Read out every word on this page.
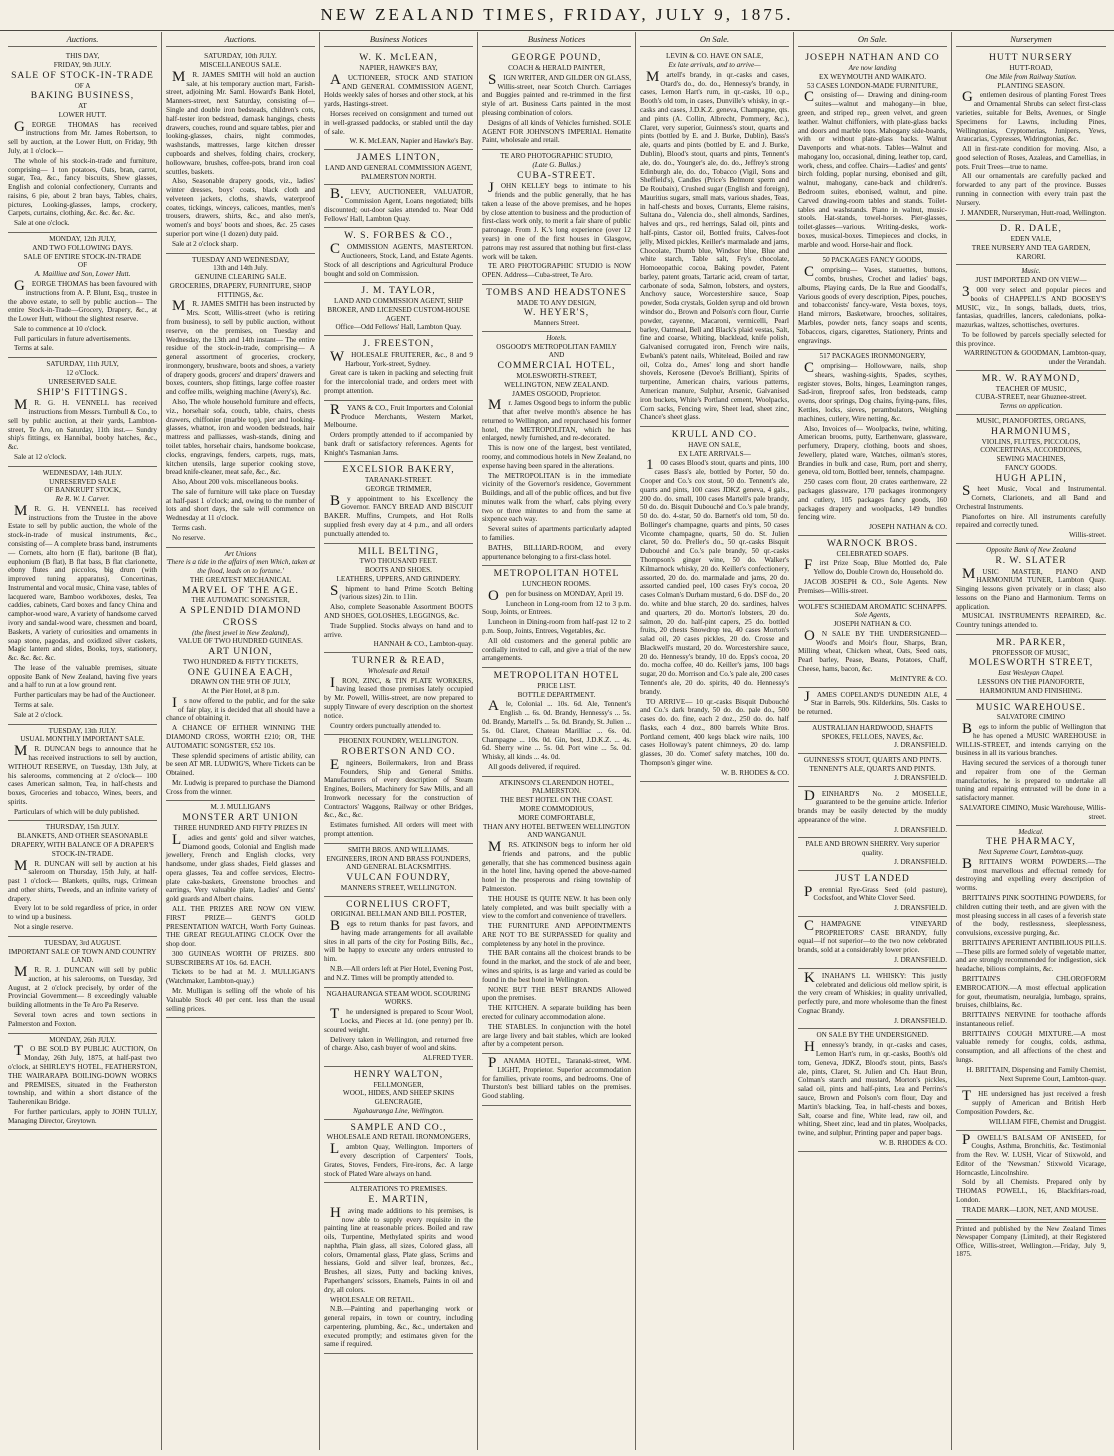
NEW ZEALAND TIMES, FRIDAY, JULY 9, 1875.
Auctions.
THIS DAY,
FRIDAY, 9th JULY.
SALE OF STOCK-IN-TRADE
OF A
BAKING BUSINESS,
AT
LOWER HUTT.
GEORGE THOMAS has received instructions from Mr. James Robertson, to sell by auction, at the Lower Hutt, on Friday, 9th July, at 1 o'clock—
The whole of his stock-in-trade and furniture, comprising— 1 ton potatoes, Oats, bran, carrot, sugar, Tea, &c., fancy biscuits, Shew glasses, English and colonial confectionery, Currants and raisins, 6 pie, about 2 bran bays, Tables, chairs, pictures, Looking-glasses, lamps, crockery, Carpets, curtains, clothing, &c. &c. &c. &c.
Sale at one o'clock.
MONDAY, 12th JULY,
AND TWO FOLLOWING DAYS.
SALE OF ENTIRE STOCK-IN-TRADE
OF
A. Mailliue and Son, Lower Hutt.
GEORGE THOMAS has been favoured with instructions from A. P. Blunt, Esq., trustee in the above estate, to sell by public auction— The entire Stock-in-Trade—Grocery, Drapery, &c., at the Lower Hutt, without the slightest reserve.
Sale to commence at 10 o'clock.
Full particulars in future advertisements.
Terms at sale.
SATURDAY, 11th JULY,
12 o'Clock.
UNRESERVED SALE.
SHIP'S FITTINGS.
MR. G. H. VENNELL has received instructions from Messrs. Turnbull & Co., to sell by public auction, at their yards, Lambton-street, Te Aro, on Saturday, 11th inst.— Sundry ship's fittings, ex Hannibal, booby hatches, &c., &c.
Sale at 12 o'clock.
WEDNESDAY, 14th JULY.
UNRESERVED SALE
OF BANKRUPT STOCK,
Re R. W. I. Carver.
MR. G. H. VENNELL has received instructions from the Trustee in the above Estate to sell by public auction, the whole of the stock-in-trade of musical instruments, &c., consisting of— A complete brass band, instruments— Cornets, alto horn (E flat), baritone (B flat), euphonium (B flat), B flat bass, B flat clarionette, ebony flutes and piccolos, big drum (with improved tuning apparatus), Concertinas, Instrumental and vocal music, China vase, tables of lacquered ware, Bamboo workboxes, desks, Tea caddies, cabinets, Card boxes and fancy China and camphor-wood ware, A variety of handsome carved ivory and sandal-wood ware, chessmen and board, Baskets, A variety of curiosities and ornaments in soap stone, pagodas, and oxidized silver caskets, Magic lantern and slides, Books, toys, stationery, &c. &c. &c. &c.
The lease of the valuable premises, situate opposite Bank of New Zealand, having five years and a half to run at a low ground rent.
Further particulars may be had of the Auctioneer.
Terms at sale.
Sale at 2 o'clock.
TUESDAY, 13th JULY.
USUAL MONTHLY IMPORTANT SALE.
MR. DUNCAN begs to announce that he has received instructions to sell by auction, WITHOUT RESERVE, on Tuesday, 13th July, at his salerooms, commencing at 2 o'clock— 100 cases American salmon, Tea, in half-chests and boxes, Groceries and tobacco, Wines, beers, and spirits.
Particulars of which will be duly published.
THURSDAY, 15th JULY.
BLANKETS, AND OTHER SEASONABLE DRAPERY, WITH BALANCE OF A DRAPER'S STOCK-IN-TRADE.
MR. DUNCAN will sell by auction at his saleroom on Thursday, 15th July, at half-past 1 o'clock— Blankets, quilts, rugs, Crimean and other shirts, Tweeds, and an infinite variety of drapery.
Every lot to be sold regardless of price, in order to wind up a business.
Not a single reserve.
TUESDAY, 3rd AUGUST.
IMPORTANT SALE OF TOWN AND COUNTRY LAND.
MR. R. J. DUNCAN will sell by public auction, at his salerooms, on Tuesday, 3rd August, at 2 o'clock precisely, by order of the Provincial Government— 8 exceedingly valuable building allotments in the Te Aro Pa Reserve.
Several town acres and town sections in Palmerston and Foxton.
MONDAY, 26th JULY.
TO BE SOLD BY PUBLIC AUCTION, On Monday, 26th July, 1875, at half-past two o'clock, at SHIRLEY'S HOTEL, FEATHERSTON, THE WAIRARAPA BOILING-DOWN WORKS and PREMISES, situated in the Featherston township, and within a short distance of the Tauherenikau Bridge.
For further particulars, apply to JOHN TULLY, Managing Director, Greytown.
Auctions.
SATURDAY, 10th JULY.
MISCELLANEOUS SALE.
MR. JAMES SMITH will hold an auction sale, at his temporary auction mart, Farish-street, adjoining Mr. Saml. Howard's Bank Hotel, Manners-street, next Saturday, consisting of— Single and double iron bedsteads, children's cots, half-tester iron bedstead, damask hangings, chests drawers, couches, round and square tables, pier and looking-glasses, chairs, night commodes, washstands, mattresses, large kitchen dresser cupboards and shelves, folding chairs, crockery, hollowware, brushes, coffee-pots, brand iron coal scuttles, baskets.
Also, Seasonable drapery goods, viz., ladies' winter dresses, boys' coats, black cloth and velveteen jackets, cloths, shawls, waterproof coates, tickings, winceys, calicoes, mantles, men's trousers, drawers, shirts, &c., and also men's, women's and boys' boots and shoes, &c. 25 cases superior port wine (1 dozen) duty paid.
Sale at 2 o'clock sharp.
TUESDAY AND WEDNESDAY,
13th and 14th July.
GENUINE CLEARING SALE.
GROCERIES, DRAPERY, FURNITURE, SHOP FITTINGS, &c.
MR. JAMES SMITH has been instructed by Mrs. Scott, Willis-street (who is retiring from business), to sell by public auction, without reserve, on the premises, on Tuesday and Wednesday, the 13th and 14th instant— The entire residue of the stock-in-trade, comprising— A general assortment of groceries, crockery, ironmongery, brushware, boots and shoes, a variety of drapery goods, grocers' and drapers' drawers and boxes, counters, shop fittings, large coffee roaster and coffee mills, weighing machine (Avery's), &c.
Also, The whole household furniture and effects, viz., horsehair sofa, couch, table, chairs, chests drawers, chiffonier (marble top), pier and looking-glasses, whatnot, iron and wooden bedsteads, hair mattress and palliasses, wash-stands, dining and toilet tables, horsehair chairs, handsome bookcase, clocks, engravings, fenders, carpets, rugs, mats, kitchen utensils, large superior cooking stove, bread knife-cleaner, meat safe, &c., &c.
Also, About 200 vols. miscellaneous books.
The sale of furniture will take place on Tuesday at half-past 1 o'clock; and, owing to the number of lots and short days, the sale will commence on Wednesday at 11 o'clock.
Terms cash.
No reserve.
Art Unions
'There is a tide in the affairs of men Which, taken at the flood, leads on to fortune.'
THE GREATEST MECHANICAL
MARVEL OF THE AGE.
THE AUTOMATIC SONGSTER,
A SPLENDID DIAMOND CROSS
(the finest jewel in New Zealand),
VALUE OF TWO HUNDRED GUINEAS.
ART UNION,
TWO HUNDRED & FIFTY TICKETS,
ONE GUINEA EACH,
DRAWN ON THE 9TH OF JULY,
At the Pier Hotel, at 8 p.m.
Is now offered to the public, and for the sake of fair play, it is decided that all should have a chance of obtaining it.
A CHANCE OF EITHER WINNING THE DIAMOND CROSS, WORTH £210; OR, THE AUTOMATIC SONGSTER, £52 10s.
These splendid specimens of artistic ability, can be seen AT MR. LUDWIG'S, Where Tickets can be Obtained.
Mr. Ludwig is prepared to purchase the Diamond Cross from the winner.
M. J. MULLIGAN'S
MONSTER ART UNION
THREE HUNDRED AND FIFTY PRIZES IN
Ladies and gents' gold and silver watches, Diamond goods, Colonial and English made jewellery, French and English clocks, very handsome, under glass shades, Field glasses and opera glasses, Tea and coffee services, Electro-plate cake-baskets, Greenstone brooches and earrings, Very valuable plate, Ladies' and Gents' gold guards and Albert chains.
ALL THE PRIZES ARE NOW ON VIEW. FIRST PRIZE— GENT'S GOLD PRESENTATION WATCH, Worth Forty Guineas. THE GREAT REGULATING CLOCK Over the shop door.
300 GUINEAS WORTH OF PRIZES. 800 SUBSCRIBERS AT 10s. 6d. EACH.
Tickets to be had at M. J. MULLIGAN'S (Watchmaker, Lambton-quay.)
Mr. Mulligan is selling off the whole of his Valuable Stock 40 per cent. less than the usual selling prices.
Business Notices
W. K. McLEAN,
NAPIER, HAWKE'S BAY,
AUCTIONEER, STOCK AND STATION AND GENERAL COMMISSION AGENT, Holds weekly sales of horses and other stock, at his yards, Hastings-street.
Horses received on consignment and turned out in well-grassed paddocks, or stabled until the day of sale.
W. K. McLEAN, Napier and Hawke's Bay.
JAMES LINTON,
LAND AND GENERAL COMMISSION AGENT,
PALMERSTON NORTH.
B.LEVY, AUCTIONEER, VALUATOR, Commission Agent, Loans negotiated; bills discounted; out-door sales attended to. Near Odd Fellows' Hall, Lambton Quay.
W. S. FORBES & CO.,
COMMISSION AGENTS, MASTERTON. Auctioneers, Stock, Land, and Estate Agents. Stock of all descriptions and Agricultural Produce bought and sold on Commission.
J. M. TAYLOR,
LAND AND COMMISSION AGENT, SHIP BROKER, AND LICENSED CUSTOM-HOUSE AGENT.
Office—Odd Fellows' Hall, Lambton Quay.
J. FREESTON,
WHOLESALE FRUITERER, &c., 8 and 9 Harbour, York-street, Sydney.
Great care is taken in packing and selecting fruit for the intercolonial trade, and orders meet with prompt attention.
RYANS & CO., Fruit Importers and Colonial Produce Merchants, Western Market, Melbourne.
Orders promptly attended to if accompanied by bank draft or satisfactory references. Agents for Knight's Tasmanian Jams.
EXCELSIOR BAKERY,
TARANAKI-STREET.
GEORGE TRIMMER,
By appointment to his Excellency the Governor. FANCY BREAD AND BISCUIT BAKER. Muffins, Crumpets, and Hot Rolls supplied fresh every day at 4 p.m., and all orders punctually attended to.
MILL BELTING,
TWO THOUSAND FEET.
BOOTS AND SHOES.
LEATHERS, UPPERS, AND GRINDERY.
Shipment to hand Prime Scotch Belting (various sizes) 2in. to 11in.
Also, complete Seasonable Assortment BOOTS AND SHOES, GOLOSHES, LEGGINGS, &c.
Trade Supplied. Stocks always on hand and to arrive.
HANNAH & CO., Lambton-quay.
TURNER & READ,
Wholesale and Retail
IRON, ZINC, & TIN PLATE WORKERS, having leased those premises lately occupied by Mr. Powell, Willis-street, are now prepared to supply Tinware of every description on the shortest notice.
Country orders punctually attended to.
PHOENIX FOUNDRY, WELLINGTON.
ROBERTSON AND CO.
Engineers, Boilermakers, Iron and Brass Founders, Ship and General Smiths. Manufacturers of every description of Steam Engines, Boilers, Machinery for Saw Mills, and all Ironwork necessary for the construction of Contractors' Waggons, Railway or other Bridges, &c., &c., &c.
Estimates furnished. All orders will meet with prompt attention.
SMITH BROS. AND WILLIAMS.
ENGINEERS, IRON AND BRASS FOUNDERS, AND GENERAL BLACKSMITHS.
VULCAN FOUNDRY,
MANNERS STREET, WELLINGTON.
CORNELIUS CROFT,
ORIGINAL BELLMAN AND BILL POSTER,
Begs to return thanks for past favors, and having made arrangements for all available sites in all parts of the city for Posting Bills, &c., will be happy to execute any orders entrusted to him.
N.B.—All orders left at Pier Hotel, Evening Post, and N.Z. Times will be promptly attended to.
NGAHAURANGA STEAM WOOL SCOURING WORKS.
The undersigned is prepared to Scour Wool, Locks, and Pieces at 1d. (one penny) per lb. scoured weight.
Delivery taken in Wellington, and returned free of charge. Also, cash buyer of wool and skins.
ALFRED TYER.
HENRY WALTON,
FELLMONGER,
WOOL, HIDES, AND SHEEP SKINS GLENCRAGIE,
Ngahauranga Line, Wellington.
SAMPLE AND CO.,
WHOLESALE AND RETAIL IRONMONGERS,
Lambton Quay, Wellington. Importers of every description of Carpenters' Tools, Grates, Stoves, Fenders, Fire-irons, &c. A large stock of Plated Ware always on hand.
ALTERATIONS TO PREMISES.
E. MARTIN,
Having made additions to his premises, is now able to supply every requisite in the painting line at reasonable prices. Boiled and raw oils, Turpentine, Methylated spirits and wood naphtha, Plain glass, all sizes, Colored glass, all colors, Ornamental glass, Plate glass, Scrims and hessians, Gold and silver leaf, bronzes, &c., Brushes, all sizes, Putty and backing knives, Paperhangers' scissors, Enamels, Paints in oil and dry, all colors.
WHOLESALE OR RETAIL.
N.B.—Painting and paperhanging work or general repairs, in town or country, including carpentering, plumbing, &c., &c., undertaken and executed promptly; and estimates given for the same if required.
Business Notices
GEORGE POUND,
COACH & HERALD PAINTER,
SIGN WRITER, AND GILDER ON GLASS, Willis-street, near Scotch Church. Carriages and Buggies painted and re-trimmed in the first style of art. Business Carts painted in the most pleasing combination of colors.
Designs of all kinds of Vehicles furnished. SOLE AGENT FOR JOHNSON'S IMPERIAL Hematite Paint, wholesale and retail.
TE ARO PHOTOGRAPHIC STUDIO,
(Late G. Bullas.)
CUBA-STREET.
JOHN KELLEY begs to intimate to his friends and the public generally, that he has taken a lease of the above premises, and he hopes by close attention to business and the production of first-class work only, to merit a fair share of public patronage. From J. K.'s long experience (over 12 years) in one of the first houses in Glasgow, patrons may rest assured that nothing but first-class work will be taken.
TE ARO PHOTOGRAPHIC STUDIO is NOW OPEN. Address—Cuba-street, Te Aro.
TOMBS AND HEADSTONES
MADE TO ANY DESIGN,
W. HEYER'S,
Manners Street.
Hotels.
OSGOOD'S METROPOLITAN FAMILY
AND
COMMERCIAL HOTEL,
MOLESWORTH-STREET,
WELLINGTON, NEW ZEALAND.
JAMES OSGOOD, Proprietor.
Mr. James Osgood begs to inform the public that after twelve month's absence he has returned to Wellington, and repurchased his former hotel, the METROPOLITAN, which he has enlarged, newly furnished, and re-decorated.
This is now one of the largest, best ventilated, roomy, and commodious hotels in New Zealand, no expense having been spared in the alterations.
The METROPOLITAN is in the immediate vicinity of the Governor's residence, Government Buildings, and all of the public offices, and but five minutes walk from the wharf, cabs plying every two or three minutes to and from the same at sixpence each way.
Several suites of apartments particularly adapted to families.
BATHS, BILLIARD-ROOM, and every appurtenance belonging to a first-class hotel.
METROPOLITAN HOTEL
LUNCHEON ROOMS.
Open for business on MONDAY, April 19.
Luncheon in Long-room from 12 to 3 p.m. Soup, Joints, or Entrees.
Luncheon in Dining-room from half-past 12 to 2 p.m. Soup, Joints, Entrees, Vegetables, &c.
All old customers and the general public are cordially invited to call, and give a trial of the new arrangements.
METROPOLITAN HOTEL
PRICE LIST.
BOTTLE DEPARTMENT.
Ale, Colonial ... 10s. 6d. Ale, Tennent's English ... 6s. 0d. Brandy, Hennessy's ... 5s. 0d. Brandy, Martell's ... 5s. 0d. Brandy, St. Julien ... 5s. 0d. Claret, Chateau Marilliac ... 6s. 0d. Champagne ... 10s. 0d. Gin, best, J.D.K.Z. ... 4s. 6d. Sherry wine ... 5s. 0d. Port wine ... 5s. 0d. Whisky, all kinds ... 4s. 0d.
All goods delivered, if required.
ATKINSON'S CLARENDON HOTEL,
PALMERSTON.
THE BEST HOTEL ON THE COAST.
MORE COMMODIOUS,
MORE COMFORTABLE,
THAN ANY HOTEL BETWEEN WELLINGTON AND WANGANUI.
MRS. ATKINSON begs to inform her old friends and patrons, and the public generally, that she has commenced business again in the hotel line, having opened the above-named hotel in the prosperous and rising township of Palmerston.
THE HOUSE IS QUITE NEW. It has been only lately completed, and was built specially with a view to the comfort and convenience of travellers.
THE FURNITURE AND APPOINTMENTS ARE NOT TO BE SURPASSED for quality and completeness by any hotel in the province.
THE BAR contains all the choicest brands to be found in the market, and the stock of ale and beer, wines and spirits, is as large and varied as could be found in the best hotel in Wellington.
NONE BUT THE BEST BRANDS Allowed upon the premises.
THE KITCHEN. A separate building has been erected for culinary accommodation alone.
THE STABLES. In conjunction with the hotel are large livery and bait stables, which are looked after by a competent person.
PANAMA HOTEL, Taranaki-street, WM. LIGHT, Proprietor. Superior accommodation for families, private rooms, and bedrooms. One of Thurston's best billiard tables on the premises. Good stabling.
On Sale.
LEVIN & CO. HAVE ON SALE,
Ex late arrivals, and to arrive—
Martell's brandy, in qr.-casks and cases, Otard's do., do. do., Hennessy's brandy, in cases, Lemon Hart's rum, in qr.-casks, 10 o.p., Booth's old tom, in cases, Dunville's whisky, in qr.-casks and cases, J.D.K.Z. geneva, Champagne, qts. and pints (A. Collin, Albrecht, Pommery, &c.), Claret, very superior, Guinness's stout, quarts and pints (bottled by E. and J. Burke, Dublin), Bass's ale, quarts and pints (bottled by E. and J. Burke, Dublin), Blood's stout, quarts and pints, Tennent's ale, do. do., Younger's ale, do. do., Jeffrey's strong Edinburgh ale, do. do., Tobacco (Vigil, Sons and Sheffield's), Candles (Price's Belmont sperm and De Roubaix), Crushed sugar (English and foreign), Mauritius sugars, small mats, various shades, Teas, in half-chests and boxes, Currants, Eleme raisins, Sultana do., Valencia do., shell almonds, Sardines, halves and qrs., red herrings, Salad oil, pints and half-pints, Castor oil, Bottled fruits, Calves-foot jelly, Mixed pickles, Keiller's marmalade and jams, Chocolate, Thumb blue, Windsor blue, Blue and white starch, Table salt, Fry's chocolate, Homoeopathic cocoa, Baking powder, Patent barley, patent groats, Tartaric acid, cream of tartar, carbonate of soda, Salmon, lobsters, and oysters, Anchovy sauce, Worcestershire sauce, Soap powder, Soda crystals, Golden syrup and old brown windsor do., Brown and Polson's corn flour, Currie powder, cayenne, Macaroni, vermicelli, Pearl barley, Oatmeal, Bell and Black's plaid vestas, Salt, fine and coarse, Whiting, blacklead, knife polish, Galvanised corrugated iron, French wire nails, Ewbank's patent nails, Whitelead, Boiled and raw oil, Colza do., Ames' long and short handle shovels, Kerosene (Devoe's Brilliant), Spirits of turpentine, American chairs, various patterns, American manure, Sulphur, Arsenic, Galvanised iron buckets, White's Portland cement, Woolpacks, Corn sacks, Fencing wire, Sheet lead, sheet zinc, Chance's sheet glass.
KRULL AND CO.
HAVE ON SALE,
EX LATE ARRIVALS—
100 cases Blood's stout, quarts and pints, 100 cases Bass's ale, bottled by Porter, 50 do. Cooper and Co.'s cox stout, 50 do. Tennent's ale, quarts and pints, 100 cases JDKZ geneva, 4 gals., 200 do. do. small, 100 cases Martell's pale brandy, 50 do. do. Bisquit Dubouché and Co.'s pale brandy, 50 do. do. 4-star, 50 do. Barnett's old tom, 50 do. Bollinger's champagne, quarts and pints, 50 cases Vicomte champagne, quarts, 50 do. St. Julien claret, 50 do. Preller's do., 50 qr.-casks Bisquit Dubouché and Co.'s pale brandy, 50 qr.-casks Thompson's ginger wine, 50 do. Walker's Kilmarnock whisky, 20 do. Keiller's confectionery, assorted, 20 do. do. marmalade and jams, 20 do. assorted candied peel, 100 cases Fry's cocoa, 20 cases Colman's Durham mustard, 6 do. DSF do., 20 do. white and blue starch, 20 do. sardines, halves and quarters, 20 do. Morton's lobsters, 20 do. salmon, 20 do. half-pint capers, 25 do. bottled fruits, 20 chests Snowdrop tea, 40 cases Morton's salad oil, 20 cases pickles, 20 do. Crosse and Blackwell's mustard, 20 do. Worcestershire sauce, 20 do. Hennessy's brandy, 10 do. Epps's cocoa, 20 do. mocha coffee, 40 do. Keiller's jams, 100 bags sugar, 20 do. Morrison and Co.'s pale ale, 200 cases Tennent's ale, 20 do. spirits, 40 do. Hennessy's brandy.
TO ARRIVE— 10 qr.-casks Bisquit Dubouché and Co.'s dark brandy, 50 do. do. pale do., 500 cases do. do. fine, each 2 doz., 250 do. do. half flasks, each 4 doz., 800 barrels White Bros. Portland cement, 400 kegs black wire nails, 100 cases Holloway's patent chimneys, 20 do. lamp glasses, 30 do. 'Comet' safety matches, 100 do. Thompson's ginger wine.
W. B. RHODES & CO.
On Sale.
JOSEPH NATHAN AND CO
Are now landing
EX WEYMOUTH AND WAIKATO.
53 CASES LONDON-MADE FURNITURE,
Consisting of— Drawing and dining-room suites—walnut and mahogany—in blue, green, and striped rep., green velvet, and green leather. Walnut chiffoniers, with plate-glass backs and doors and marble tops. Mahogany side-boards, with or without plate-glass backs. Walnut Davenports and what-nots. Tables—Walnut and mahogany loo, occasional, dining, leather top, card, work, chess, and coffee. Chairs—Ladies' and gents' birch folding, poplar nursing, ebonised and gilt, walnut, mahogany, cane-back and children's. Bedroom suites, ebonised, walnut, and pine. Carved drawing-room tables and stands. Toilet-tables and washstands. Piano in walnut, music-stools. Hat-stands, towel-horses. Pier-glasses, toilet-glasses—various. Writing-desks, work-boxes, musical-boxes. Timepieces and clocks, in marble and wood. Horse-hair and flock.
50 PACKAGES FANCY GOODS,
Comprising— Vases, statuettes, buttons, combs, brushes, Crochet and ladies' bags, albums, Playing cards, De la Rue and Goodall's, Various goods of every description, Pipes, pouches, and tobacconists' fancy-ware, Vesta boxes, toys, Hand mirrors, Basketware, brooches, solitaires, Marbles, powder nets, fancy soaps and scents, Tobaccos, cigars, cigarettes, Stationery, Prints and engravings.
517 PACKAGES IRONMONGERY,
Comprising— Hollowware, nails, shop shears, washing-sights, Spades, scythes, register stoves, Bolts, hinges, Leamington ranges, Sad-iron, fireproof safes, Iron bedsteads, camp ovens, door springs, Dog chains, frying-pans, files, Kettles, locks, sieves, perambulators, Weighing machines, cutlery, Wire netting, &c.
Also, Invoices of— Woolpacks, twine, whiting, American brooms, putty, Earthenware, glassware, perfumery, Drapery, clothing, boots and shoes, Jewellery, plated ware, Watches, oilman's stores, Brandies in bulk and case, Rum, port and sherry, geneva, old tom, Bottled beer, tennels, champagne.
250 cases corn flour, 20 crates earthenware, 22 packages glassware, 170 packages ironmongery and cutlery, 105 packages fancy goods, 160 packages drapery and woolpacks, 149 bundles fencing wire.
JOSEPH NATHAN & CO.
WARNOCK BROS.
CELEBRATED SOAPS.
First Prize Soap, Blue Mottled do, Pale Yellow do, Double Crown do, Household do.
JACOB JOSEPH & CO., Sole Agents. New Premises—Willis-street.
WOLFE'S SCHIEDAM AROMATIC SCHNAPPS.
Sole Agents,
JOSEPH NATHAN & CO.
ON SALE BY THE UNDERSIGNED— Wood's and Moir's flour, Sharps, Bran, Milling wheat, Chicken wheat, Oats, Seed oats, Pearl barley, Pease, Beans, Potatoes, Chaff, Cheese, hams, bacon, &c.
McINTYRE & CO.
JAMES COPELAND'S DUNEDIN ALE, 4 Star in Barrels, 90s. Kilderkins, 50s. Casks to be returned.
AUSTRALIAN HARDWOOD, SHAFTS
SPOKES, FELLOES, NAVES, &c.
J. DRANSFIELD.
GUINNESS'S STOUT, QUARTS AND PINTS.
TENNENT'S ALE, QUARTS AND PINTS.
J. DRANSFIELD.
DEINHARD'S No. 2 MOSELLE, guaranteed to be the genuine article. Inferior brands may be easily detected by the muddy appearance of the wine.
J. DRANSFIELD.
PALE AND BROWN SHERRY. Very superior quality.
J. DRANSFIELD.
JUST LANDED
Perennial Rye-Grass Seed (old pasture), Cocksfoot, and White Clover Seed.
J. DRANSFIELD.
CHAMPAGNE VINEYARD PROPRIETORS' CASE BRANDY, fully equal—if not superior—to the two now celebrated brands, sold at a considerably lower price.
J. DRANSFIELD.
KINAHAN'S LL WHISKY: This justly celebrated and delicious old mellow spirit, is the very cream of Whiskies; in quality unrivalled, perfectly pure, and more wholesome than the finest Cognac Brandy.
J. DRANSFIELD.
ON SALE BY THE UNDERSIGNED.
Hennessy's brandy, in qr.-casks and cases, Lemon Hart's rum, in qr.-casks, Booth's old tom, Geneva, JDKZ, Blood's stout, pints, Bass's ale, pints, Claret, St. Julien and Ch. Haut Brun, Colman's starch and mustard, Morton's pickles, salad oil, pints and half-pints, Lea and Perrins's sauce, Brown and Polson's corn flour, Day and Martin's blacking, Tea, in half-chests and boxes, Salt, coarse and fine, White lead, raw oil, and whiting, Sheet zinc, lead and tin plates, Woolpacks, twine, and sulphur, Printing paper and paper bags.
W. B. RHODES & CO.
Nurserymen
HUTT NURSERY
HUTT-ROAD,
One Mile from Railway Station.
PLANTING SEASON.
Gentlemen desirous of planting Forest Trees and Ornamental Shrubs can select first-class varieties, suitable for Belts, Avenues, or Single Specimens for Lawns, including Pines, Wellingtonias, Cryptomerias, Junipers, Yews, Araucarias, Cypresses, Widringtonias, &c.
All in first-rate condition for moving. Also, a good selection of Roses, Azaleas, and Camellias, in pots. Fruit Trees—true to name.
All our ornamentals are carefully packed and forwarded to any part of the province. Busses running in connection with every train past the Nursery.
J. MANDER, Nurseryman, Hutt-road, Wellington.
D. R. DALE,
EDEN VALE,
TREE NURSERY AND TEA GARDEN,
KARORI.
Music.
JUST IMPORTED AND ON VIEW—
3000 very select and popular pieces and books of CHAPPELL'S AND BOOSEY'S MUSIC, viz., In songs, ballads, duets, trios, fantasias, quadrilles, lancers, caledonians, polka-mazurkas, waltzes, schottisches, overtures.
To be followed by parcels specially selected for this province.
WARRINGTON & GOODMAN, Lambton-quay, under the Verandah.
MR. W. RAYMOND,
TEACHER OF MUSIC,
CUBA-STREET, near Ghuznee-street.
Terms on application.
MUSIC, PIANOFORTES, ORGANS,
HARMONIUMS,
VIOLINS, FLUTES, PICCOLOS,
CONCERTINAS, ACCORDIONS,
SEWING MACHINES,
FANCY GOODS.
HUGH APLIN,
Sheet Music, Vocal and Instrumental. Cornets, Clarionets, and all Band and Orchestral Instruments.
Pianofortes on hire. All instruments carefully repaired and correctly tuned.
Willis-street.
Opposite Bank of New Zealand
R. W. SLATER
MUSIC MASTER, PIANO AND HARMONIUM TUNER, Lambton Quay. Singing lessons given privately or in class; also lessons on the Piano and Harmonium. Terms on application.
MUSICAL INSTRUMENTS REPAIRED, &c. Country tunings attended to.
MR. PARKER,
PROFESSOR OF MUSIC,
MOLESWORTH STREET,
East Wesleyan Chapel.
LESSONS ON THE PIANOFORTE,
HARMONIUM AND FINISHING.
MUSIC WAREHOUSE.
SALVATORE CIMINO
Begs to inform the public of Wellington that he has opened a MUSIC WAREHOUSE in WILLIS-STREET, and intends carrying on the business in all its various branches.
Having secured the services of a thorough tuner and repairer from one of the German manufactories, he is prepared to undertake all tuning and repairing entrusted will be done in a satisfactory manner.
SALVATORE CIMINO, Music Warehouse, Willis-street.
Medical.
THE PHARMACY,
Next Supreme Court, Lambton-quay.
BRITTAIN'S WORM POWDERS.—The most marvellous and effectual remedy for destroying and expelling every description of worms.
BRITTAIN'S PINK SOOTHING POWDERS, for children cutting their teeth, and are given with the most pleasing success in all cases of a feverish state of the body, restlessness, sleeplessness, convulsions, excessive purging, &c.
BRITTAIN'S APERIENT ANTIBILIOUS PILLS.—These pills are formed solely of vegetable matter, and are strongly recommended for indigestion, sick headache, bilious complaints, &c.
BRITTAIN'S CHLOROFORM EMBROCATION.—A most effectual application for gout, rheumatism, neuralgia, lumbago, sprains, bruises, chilblains, &c.
BRITTAIN'S NERVINE for toothache affords instantaneous relief.
BRITTAIN'S COUGH MIXTURE.—A most valuable remedy for coughs, colds, asthma, consumption, and all affections of the chest and lungs.
H. BRITTAIN, Dispensing and Family Chemist, Next Supreme Court, Lambton-quay.
THE undersigned has just received a fresh supply of American and British Herb Composition Powders, &c.
WILLIAM FIFE, Chemist and Druggist.
POWELL'S BALSAM OF ANISEED, for Coughs, Asthma, Bronchitis, &c. Testimonial from the Rev. W. LUSH, Vicar of Stixwold, and Editor of the 'Newsman.' Stixwold Vicarage, Horncastle, Lincolnshire.
Sold by all Chemists. Prepared only by THOMAS POWELL, 16, Blackfriars-road, London.
TRADE MARK—LION, NET, AND MOUSE.
Printed and published by the New Zealand Times Newspaper Company (Limited), at their Registered Office, Willis-street, Wellington.—Friday, July 9, 1875.
